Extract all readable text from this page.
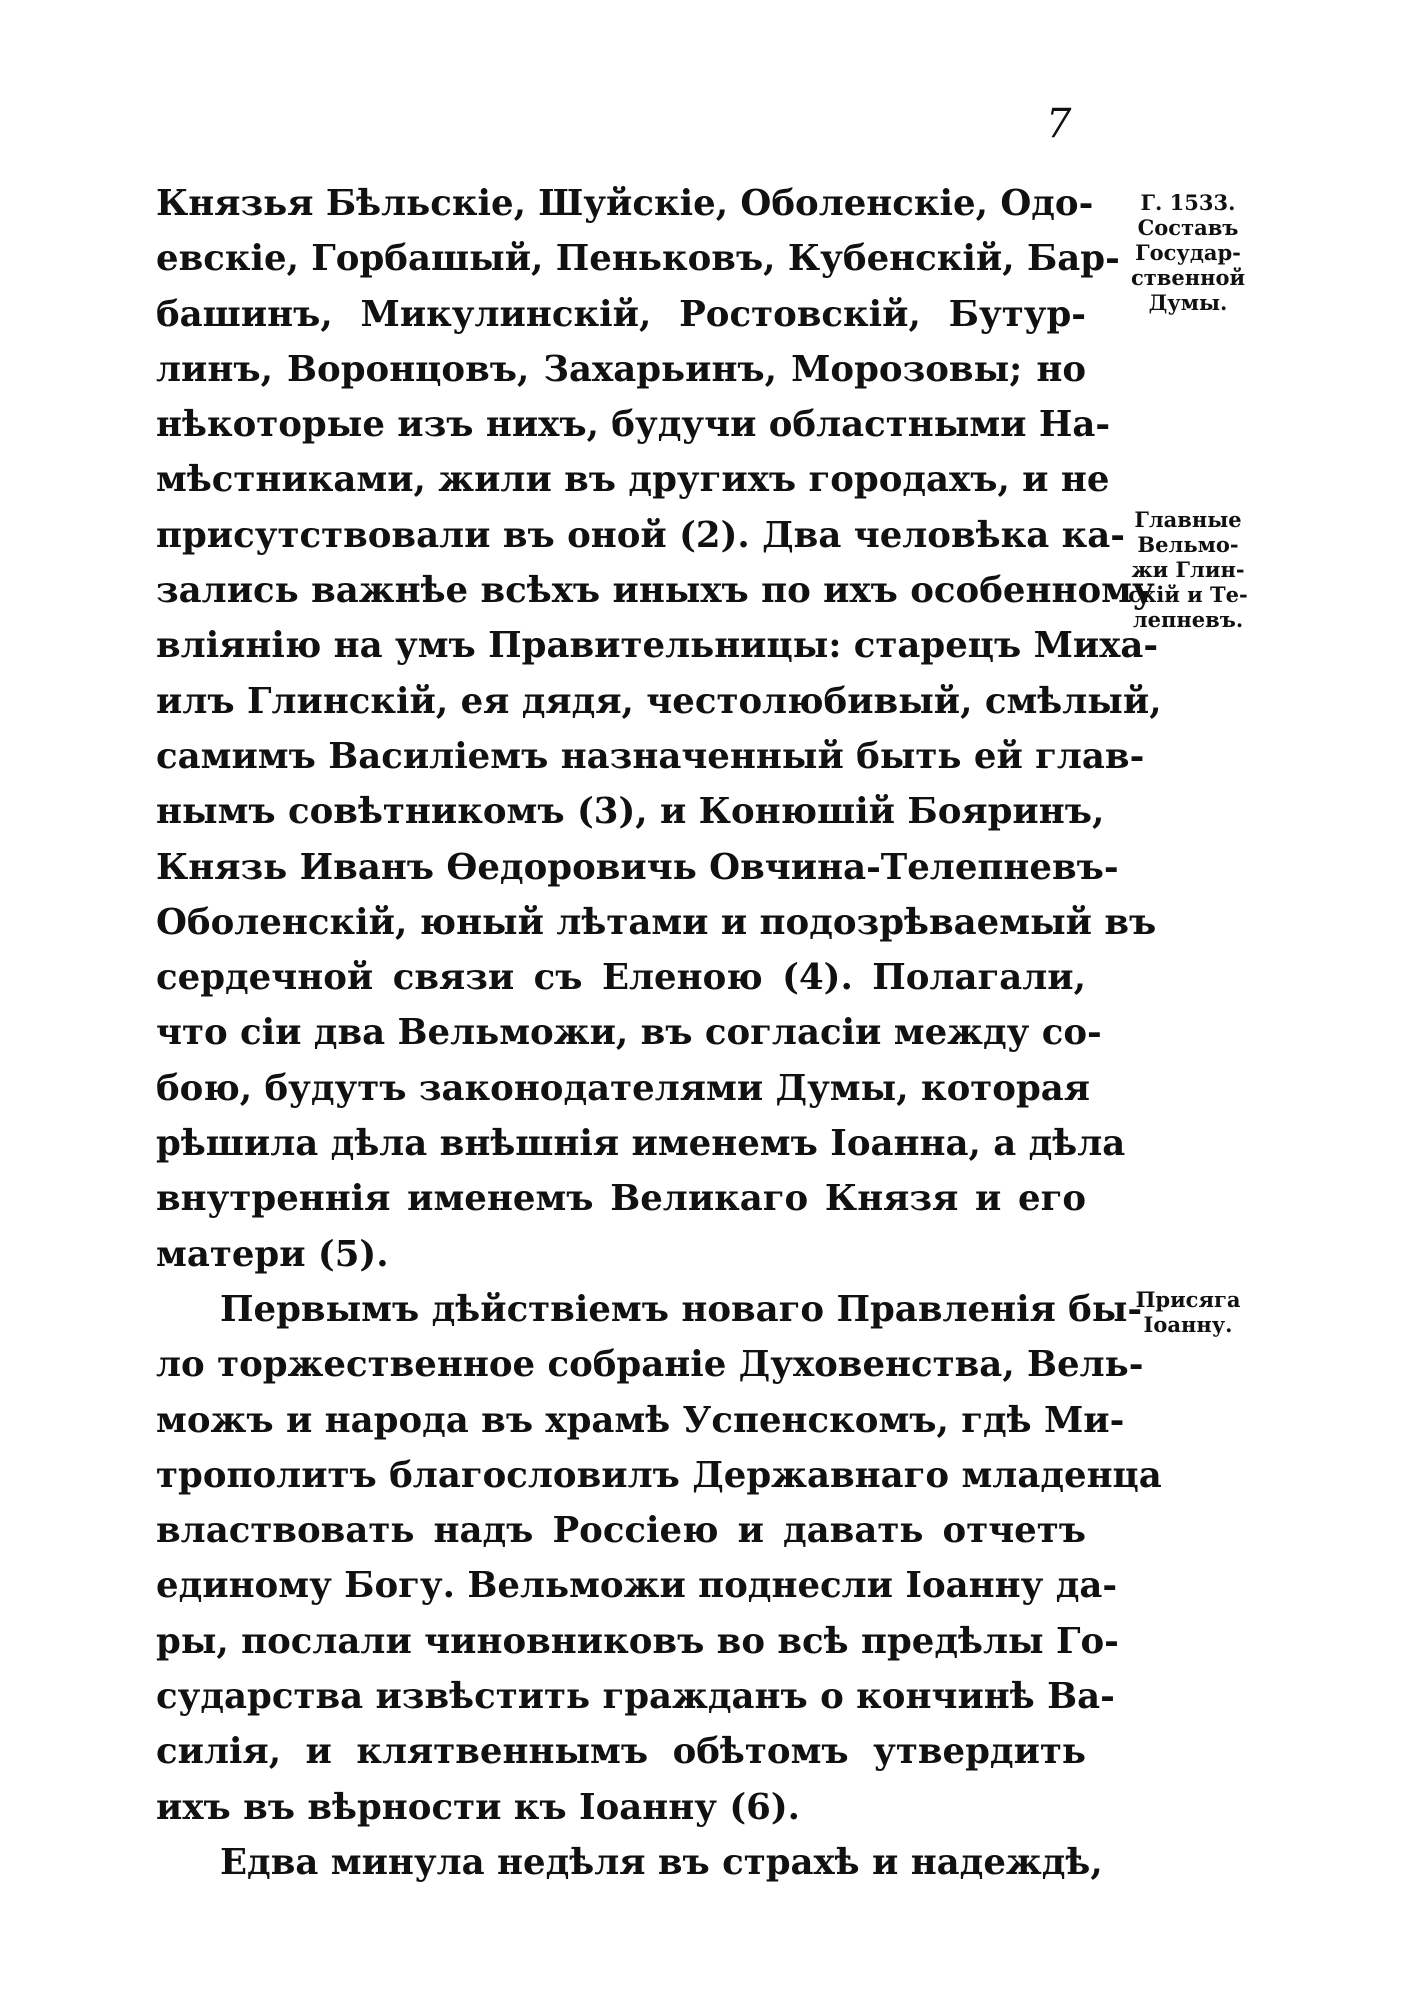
7
Князья Бѣльскіе, Шуйскіе, Оболенскіе, Одо-
евскіе, Горбашый, Пеньковъ, Кубенскій, Бар-
башинъ, Микулинскій, Ростовскій, Бутур-
линъ, Воронцовъ, Захарьинъ, Морозовы; но
нѣкоторые изъ нихъ, будучи областными На-
мѣстниками, жили въ другихъ городахъ, и не
присутствовали въ оной (2). Два человѣка ка-
зались важнѣе всѣхъ иныхъ по ихъ особенному
вліянію на умъ Правительницы: старецъ Миха-
илъ Глинскій, ея дядя, честолюбивый, смѣлый,
самимъ Василіемъ назначенный быть ей глав-
нымъ совѣтникомъ (3), и Конюшій Бояринъ,
Князь Иванъ Ѳедоровичь Овчина-Телепневъ-
Оболенскій, юный лѣтами и подозрѣваемый въ
сердечной связи съ Еленою (4). Полагали,
что сіи два Вельможи, въ согласіи между со-
бою, будутъ законодателями Думы, которая
рѣшила дѣла внѣшнія именемъ Іоанна, а дѣла
внутреннія именемъ Великаго Князя и его
матери (5).
Первымъ дѣйствіемъ новаго Правленія бы-
ло торжественное собраніе Духовенства, Вель-
можъ и народа въ храмѣ Успенскомъ, гдѣ Ми-
трополитъ благословилъ Державнаго младенца
властвовать надъ Россіею и давать отчетъ
единому Богу. Вельможи поднесли Іоанну да-
ры, послали чиновниковъ во всѣ предѣлы Го-
сударства извѣстить гражданъ о кончинѣ Ва-
силія, и клятвеннымъ обѣтомъ утвердить
ихъ въ вѣрности къ Іоанну (6).
Едва минула недѣля въ страхѣ и надеждѣ,
Г. 1533.
Составъ
Государ-
ственной
Думы.
Главные
Вельмо-
жи Глин-
скій и Те-
лепневъ.
Присяга
Іоанну.
